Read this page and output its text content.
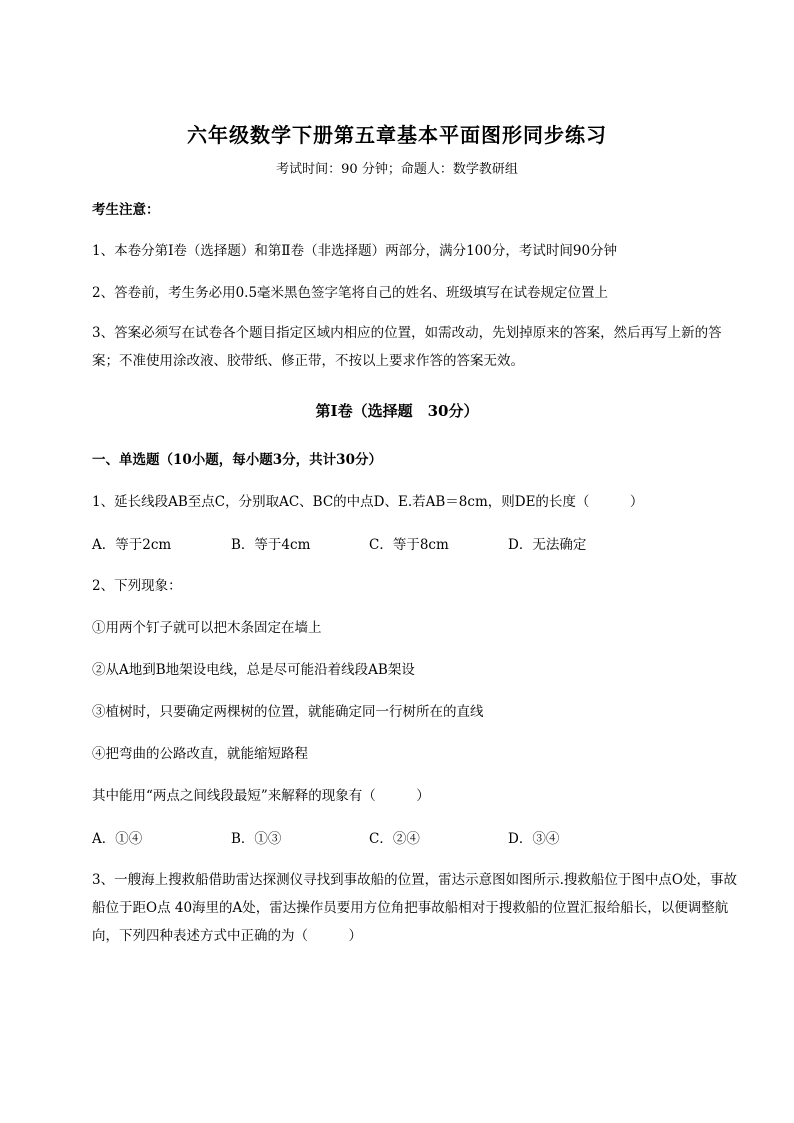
六年级数学下册第五章基本平面图形同步练习
考试时间：90 分钟；命题人：数学教研组
考生注意：
1、本卷分第Ⅰ卷（选择题）和第Ⅱ卷（非选择题）两部分，满分100分，考试时间90分钟
2、答卷前，考生务必用0.5毫米黑色签字笔将自己的姓名、班级填写在试卷规定位置上
3、答案必须写在试卷各个题目指定区域内相应的位置，如需改动，先划掉原来的答案，然后再写上新的答案；不准使用涂改液、胶带纸、修正带，不按以上要求作答的答案无效。
第Ⅰ卷（选择题　30分）
一、单选题（10小题，每小题3分，共计30分）
1、延长线段AB至点C，分别取AC、BC的中点D、E.若AB＝8cm，则DE的长度（　　　）
A．等于2cm	B．等于4cm	C．等于8cm	D．无法确定
2、下列现象：
①用两个钉子就可以把木条固定在墙上
②从A地到B地架设电线，总是尽可能沿着线段AB架设
③植树时，只要确定两棵树的位置，就能确定同一行树所在的直线
④把弯曲的公路改直，就能缩短路程
其中能用“两点之间线段最短”来解释的现象有（　　　）
A．①④	B．①③	C．②④	D．③④
3、一艘海上搜救船借助雷达探测仪寻找到事故船的位置，雷达示意图如图所示.搜救船位于图中点O处，事故船位于距O点 40海里的A处，雷达操作员要用方位角把事故船相对于搜救船的位置汇报给船长，以便调整航向，下列四种表述方式中正确的为（　　　）
